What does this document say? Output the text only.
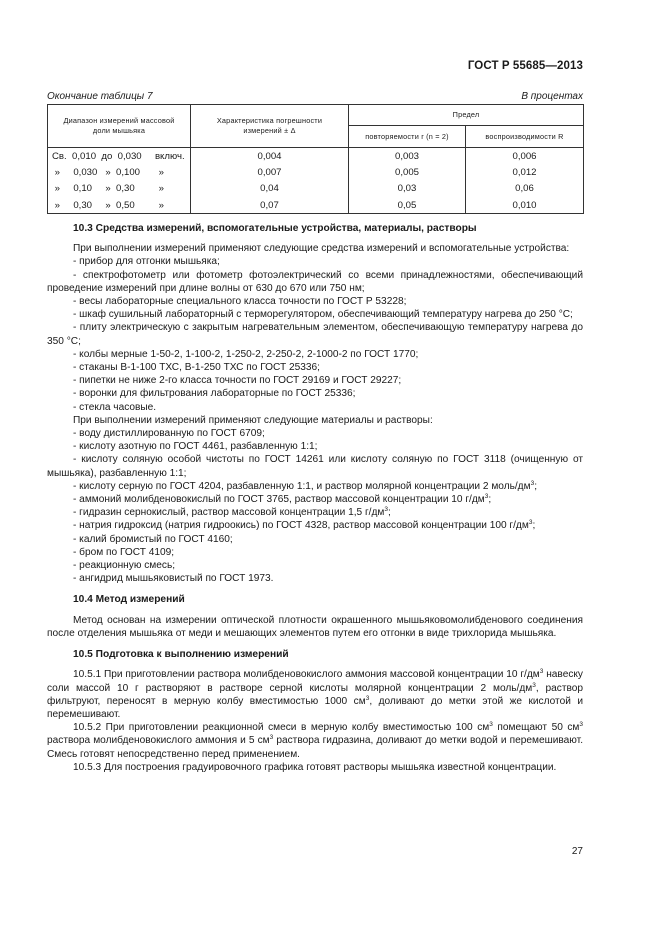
ГОСТ Р 55685—2013
Окончание таблицы 7	В процентах
Диапазон измерений массовой доли мышьяка	Характеристика погрешности измерений ± Δ	Предел	
		повторяемости r (n = 2)	воспроизводимости R
Св.  0,010  до  0,030     включ.	0,004	0,003	0,006
»     0,030   »  0,100       »	0,007	0,005	0,012
»     0,10     »  0,30         »	0,04	0,03	0,06
»     0,30     »  0,50         »	0,07	0,05	0,010
10.3 Средства измерений, вспомогательные устройства, материалы, растворы

При выполнении измерений применяют следующие средства измерений и вспомогательные устройства:

- прибор для отгонки мышьяка;

- спектрофотометр или фотометр фотоэлектрический со всеми принадлежностями, обеспечивающий проведение измерений при длине волны от 630 до 670 или 750 нм;

- весы лабораторные специального класса точности по ГОСТ Р 53228;

- шкаф сушильный лабораторный с терморегулятором, обеспечивающий температуру нагрева до 250 °С;

- плиту электрическую с закрытым нагревательным элементом, обеспечивающую температуру нагрева до 350 °С;

- колбы мерные 1-50-2, 1-100-2, 1-250-2, 2-250-2, 2-1000-2 по ГОСТ 1770;

- стаканы В-1-100 ТХС, В-1-250 ТХС по ГОСТ 25336;

- пипетки не ниже 2-го класса точности по ГОСТ 29169 и ГОСТ 29227;

- воронки для фильтрования лабораторные по ГОСТ 25336;

- стекла часовые.

При выполнении измерений применяют следующие материалы и растворы:

- воду дистиллированную по ГОСТ 6709;

- кислоту азотную по ГОСТ 4461, разбавленную 1:1;

- кислоту соляную особой чистоты по ГОСТ 14261 или кислоту соляную по ГОСТ 3118 (очищенную от мышьяка), разбавленную 1:1;

- кислоту серную по ГОСТ 4204, разбавленную 1:1, и раствор молярной концентрации 2 моль/$дм^3$;

- аммоний молибденовокислый по ГОСТ 3765, раствор массовой концентрации 10 $г/дм^3$;

- гидразин сернокислый, раствор массовой концентрации 1,5 $г/дм^3$;

- натрия гидроксид (натрия гидроокись) по ГОСТ 4328, раствор массовой концентрации 100 $г/дм^3$;

- калий бромистый по ГОСТ 4160;

- бром по ГОСТ 4109;

- реакционную смесь;

- ангидрид мышьяковистый по ГОСТ 1973.

10.4 Метод измерений

Метод основан на измерении оптической плотности окрашенного мышьяковомолибденового соединения после отделения мышьяка от меди и мешающих элементов путем его отгонки в виде трихлорида мышьяка.

10.5 Подготовка к выполнению измерений

10.5.1 При приготовлении раствора молибденовокислого аммония массовой концентрации 10 $г/дм^3$ навеску соли массой 10 г растворяют в растворе серной кислоты молярной концентрации 2 моль/$дм^3$, раствор фильтруют, переносят в мерную колбу вместимостью 1000 $см^3$, доливают до метки этой же кислотой и перемешивают.

10.5.2 При приготовлении реакционной смеси в мерную колбу вместимостью 100 $см^3$ помещают 50 $см^3$ раствора молибденовокислого аммония и 5 $см^3$ раствора гидразина, доливают до метки водой и перемешивают. Смесь готовят непосредственно перед применением.

10.5.3 Для построения градуировочного графика готовят растворы мышьяка известной концентрации.

27
